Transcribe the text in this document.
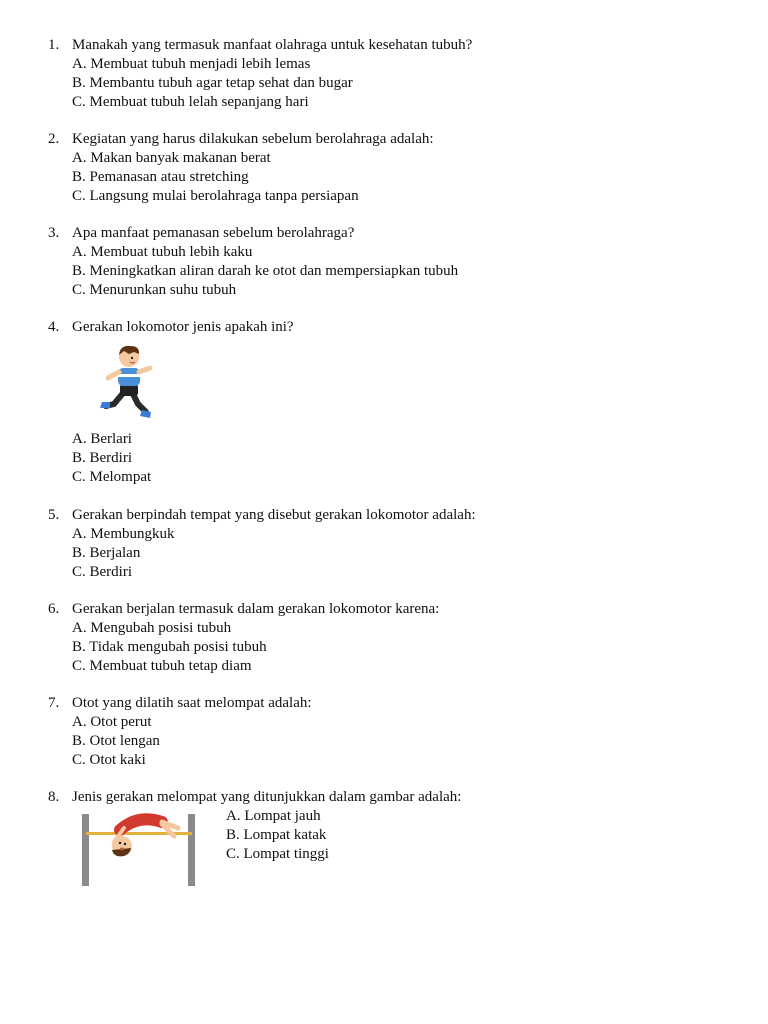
1. Manakah yang termasuk manfaat olahraga untuk kesehatan tubuh?
A. Membuat tubuh menjadi lebih lemas
B. Membantu tubuh agar tetap sehat dan bugar
C. Membuat tubuh lelah sepanjang hari
2. Kegiatan yang harus dilakukan sebelum berolahraga adalah:
A. Makan banyak makanan berat
B. Pemanasan atau stretching
C. Langsung mulai berolahraga tanpa persiapan
3. Apa manfaat pemanasan sebelum berolahraga?
A. Membuat tubuh lebih kaku
B. Meningkatkan aliran darah ke otot dan mempersiapkan tubuh
C. Menurunkan suhu tubuh
4. Gerakan lokomotor jenis apakah ini?
A. Berlari
B. Berdiri
C. Melompat
5. Gerakan berpindah tempat yang disebut gerakan lokomotor adalah:
A. Membungkuk
B. Berjalan
C. Berdiri
6. Gerakan berjalan termasuk dalam gerakan lokomotor karena:
A. Mengubah posisi tubuh
B. Tidak mengubah posisi tubuh
C. Membuat tubuh tetap diam
7. Otot yang dilatih saat melompat adalah:
A. Otot perut
B. Otot lengan
C. Otot kaki
8. Jenis gerakan melompat yang ditunjukkan dalam gambar adalah:
A. Lompat jauh
B. Lompat katak
C. Lompat tinggi
